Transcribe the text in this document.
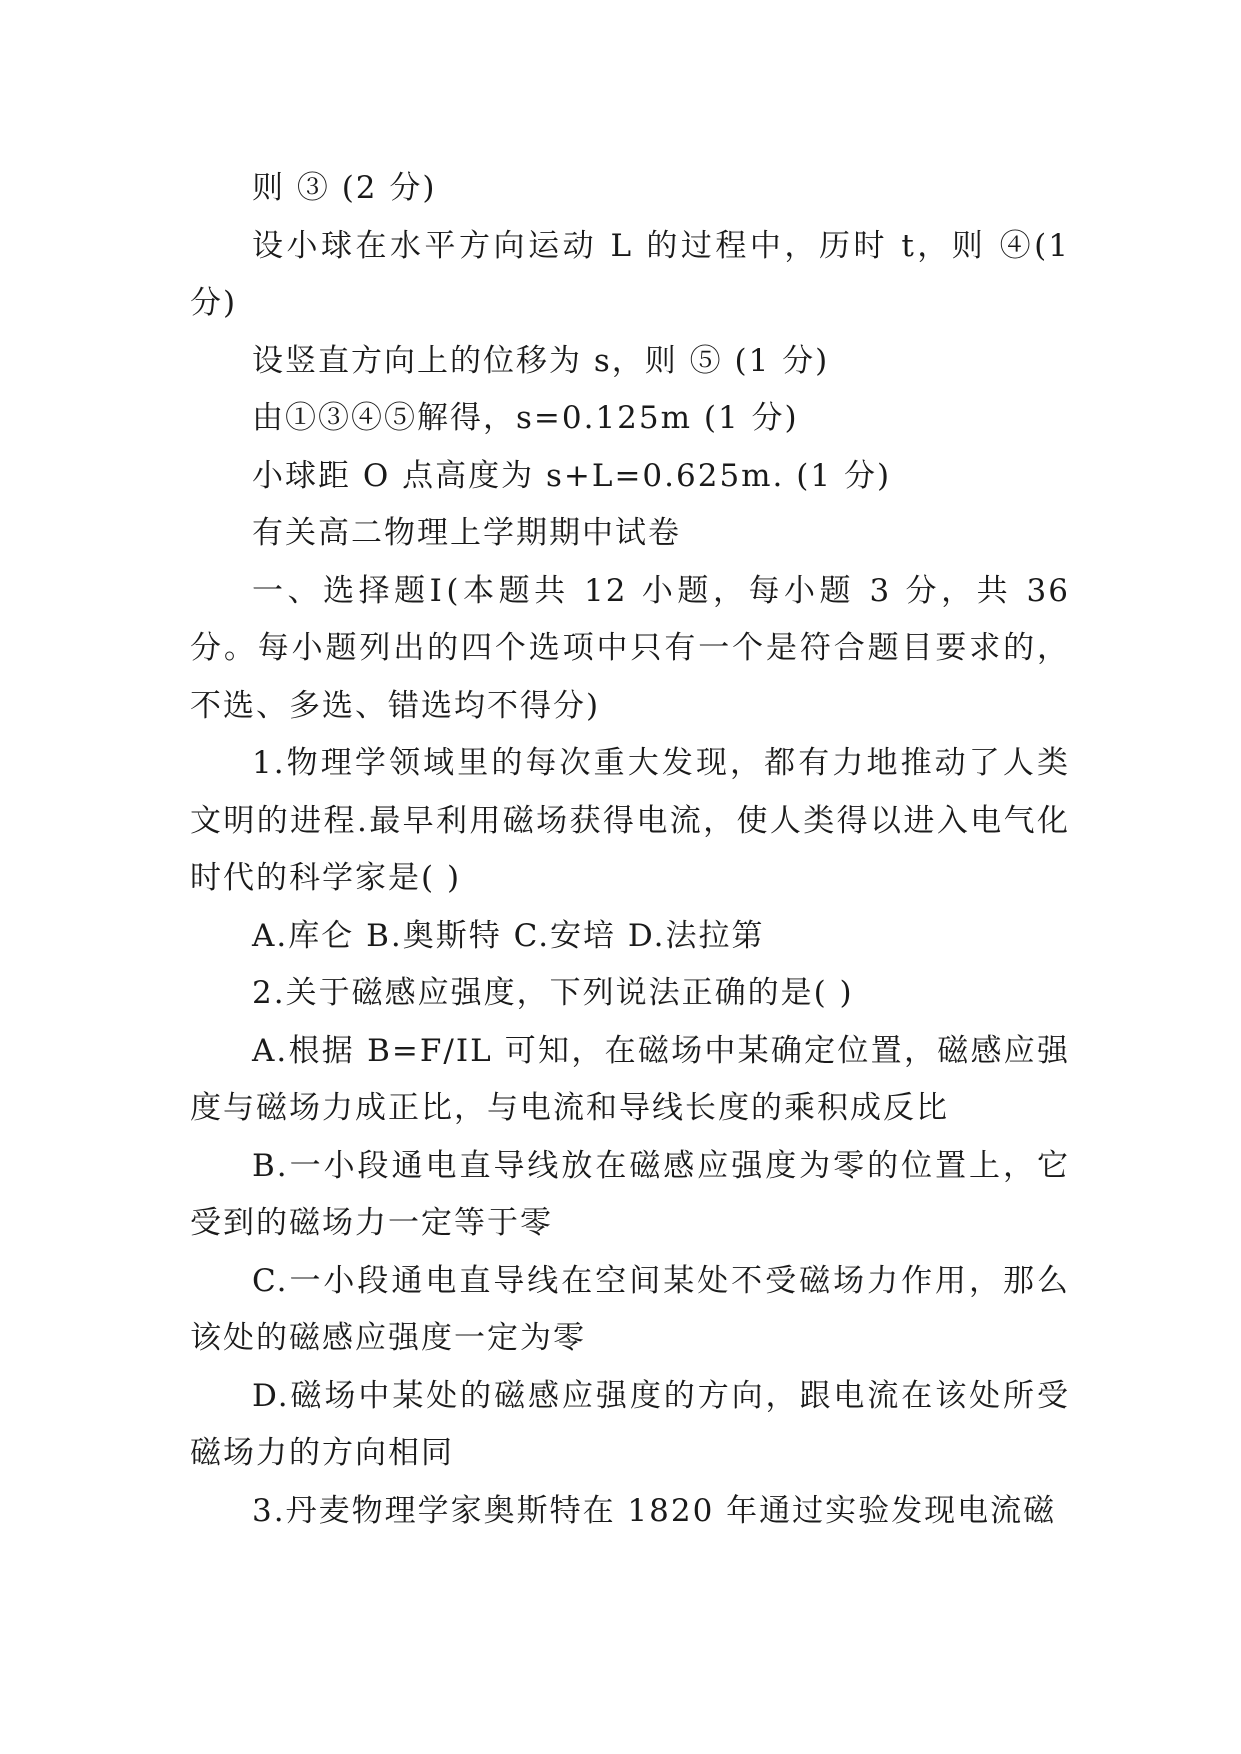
则 ③ (2 分)

设小球在水平方向运动 L 的过程中，历时 t，则 ④(1 分)

设竖直方向上的位移为 s，则 ⑤ (1 分)

由①③④⑤解得，s=0.125m (1 分)

小球距 O 点高度为 s+L=0.625m. (1 分)

有关高二物理上学期期中试卷

一、选择题Ⅰ(本题共 12 小题，每小题 3 分，共 36 分。每小题列出的四个选项中只有一个是符合题目要求的，不选、多选、错选均不得分)

1.物理学领域里的每次重大发现，都有力地推动了人类文明的进程.最早利用磁场获得电流，使人类得以进入电气化时代的科学家是( )

A.库仑 B.奥斯特 C.安培 D.法拉第

2.关于磁感应强度，下列说法正确的是( )

A.根据 B=F/IL 可知，在磁场中某确定位置，磁感应强度与磁场力成正比，与电流和导线长度的乘积成反比

B.一小段通电直导线放在磁感应强度为零的位置上，它受到的磁场力一定等于零

C.一小段通电直导线在空间某处不受磁场力作用，那么该处的磁感应强度一定为零

D.磁场中某处的磁感应强度的方向，跟电流在该处所受磁场力的方向相同

3.丹麦物理学家奥斯特在 1820 年通过实验发现电流磁
